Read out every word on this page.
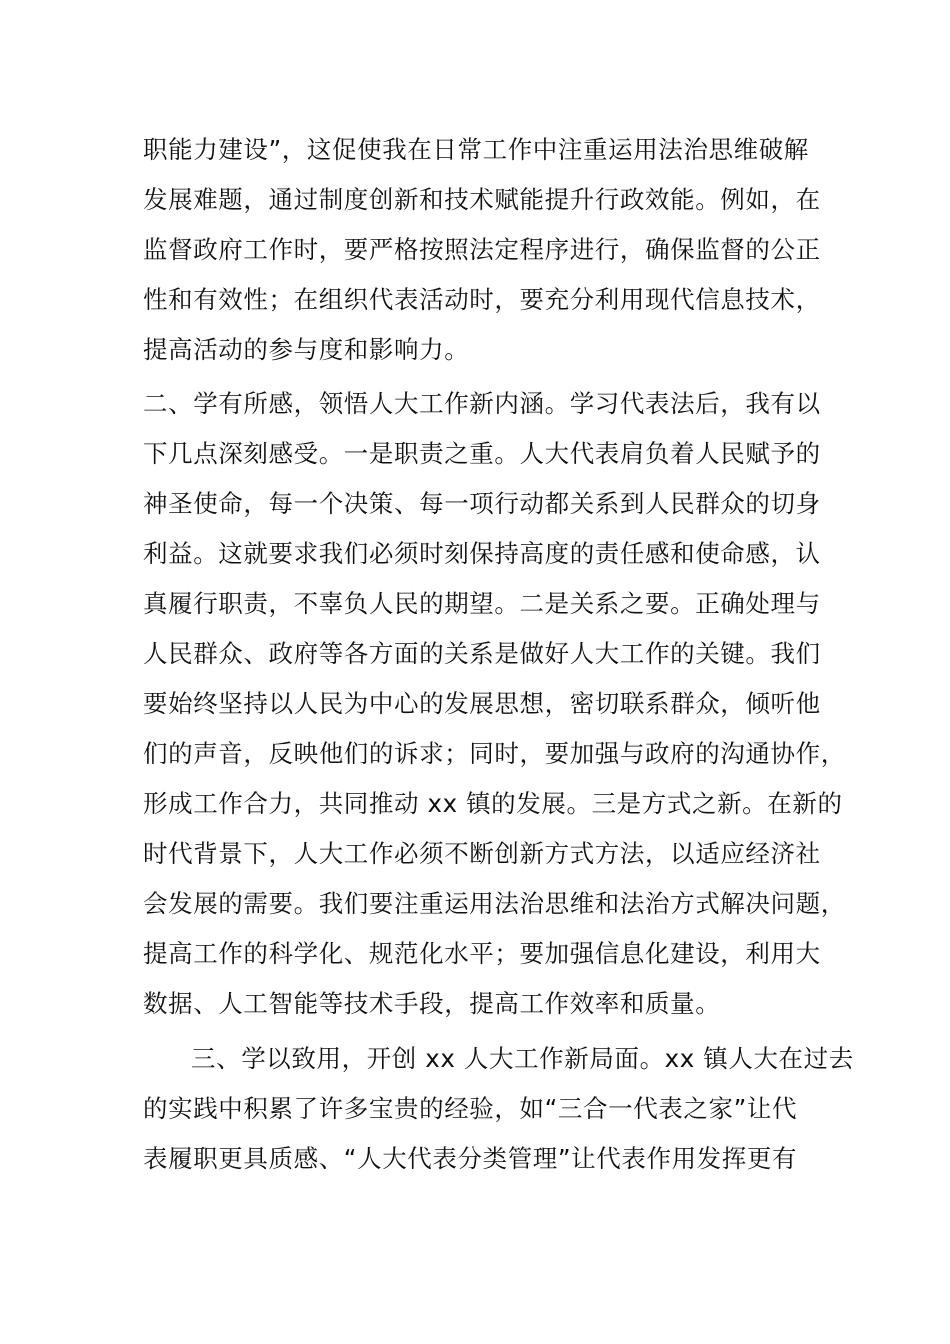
职能力建设”，这促使我在日常工作中注重运用法治思维破解
发展难题，通过制度创新和技术赋能提升行政效能。例如，在
监督政府工作时，要严格按照法定程序进行，确保监督的公正
性和有效性；在组织代表活动时，要充分利用现代信息技术，
提高活动的参与度和影响力。
二、学有所感，领悟人大工作新内涵。学习代表法后，我有以
下几点深刻感受。一是职责之重。人大代表肩负着人民赋予的
神圣使命，每一个决策、每一项行动都关系到人民群众的切身
利益。这就要求我们必须时刻保持高度的责任感和使命感，认
真履行职责，不辜负人民的期望。二是关系之要。正确处理与
人民群众、政府等各方面的关系是做好人大工作的关键。我们
要始终坚持以人民为中心的发展思想，密切联系群众，倾听他
们的声音，反映他们的诉求；同时，要加强与政府的沟通协作，
形成工作合力，共同推动 xx 镇的发展。三是方式之新。在新的
时代背景下，人大工作必须不断创新方式方法，以适应经济社
会发展的需要。我们要注重运用法治思维和法治方式解决问题，
提高工作的科学化、规范化水平；要加强信息化建设，利用大
数据、人工智能等技术手段，提高工作效率和质量。
三、学以致用，开创 xx 人大工作新局面。xx 镇人大在过去
的实践中积累了许多宝贵的经验，如“三合一代表之家”让代
表履职更具质感、“人大代表分类管理”让代表作用发挥更有
